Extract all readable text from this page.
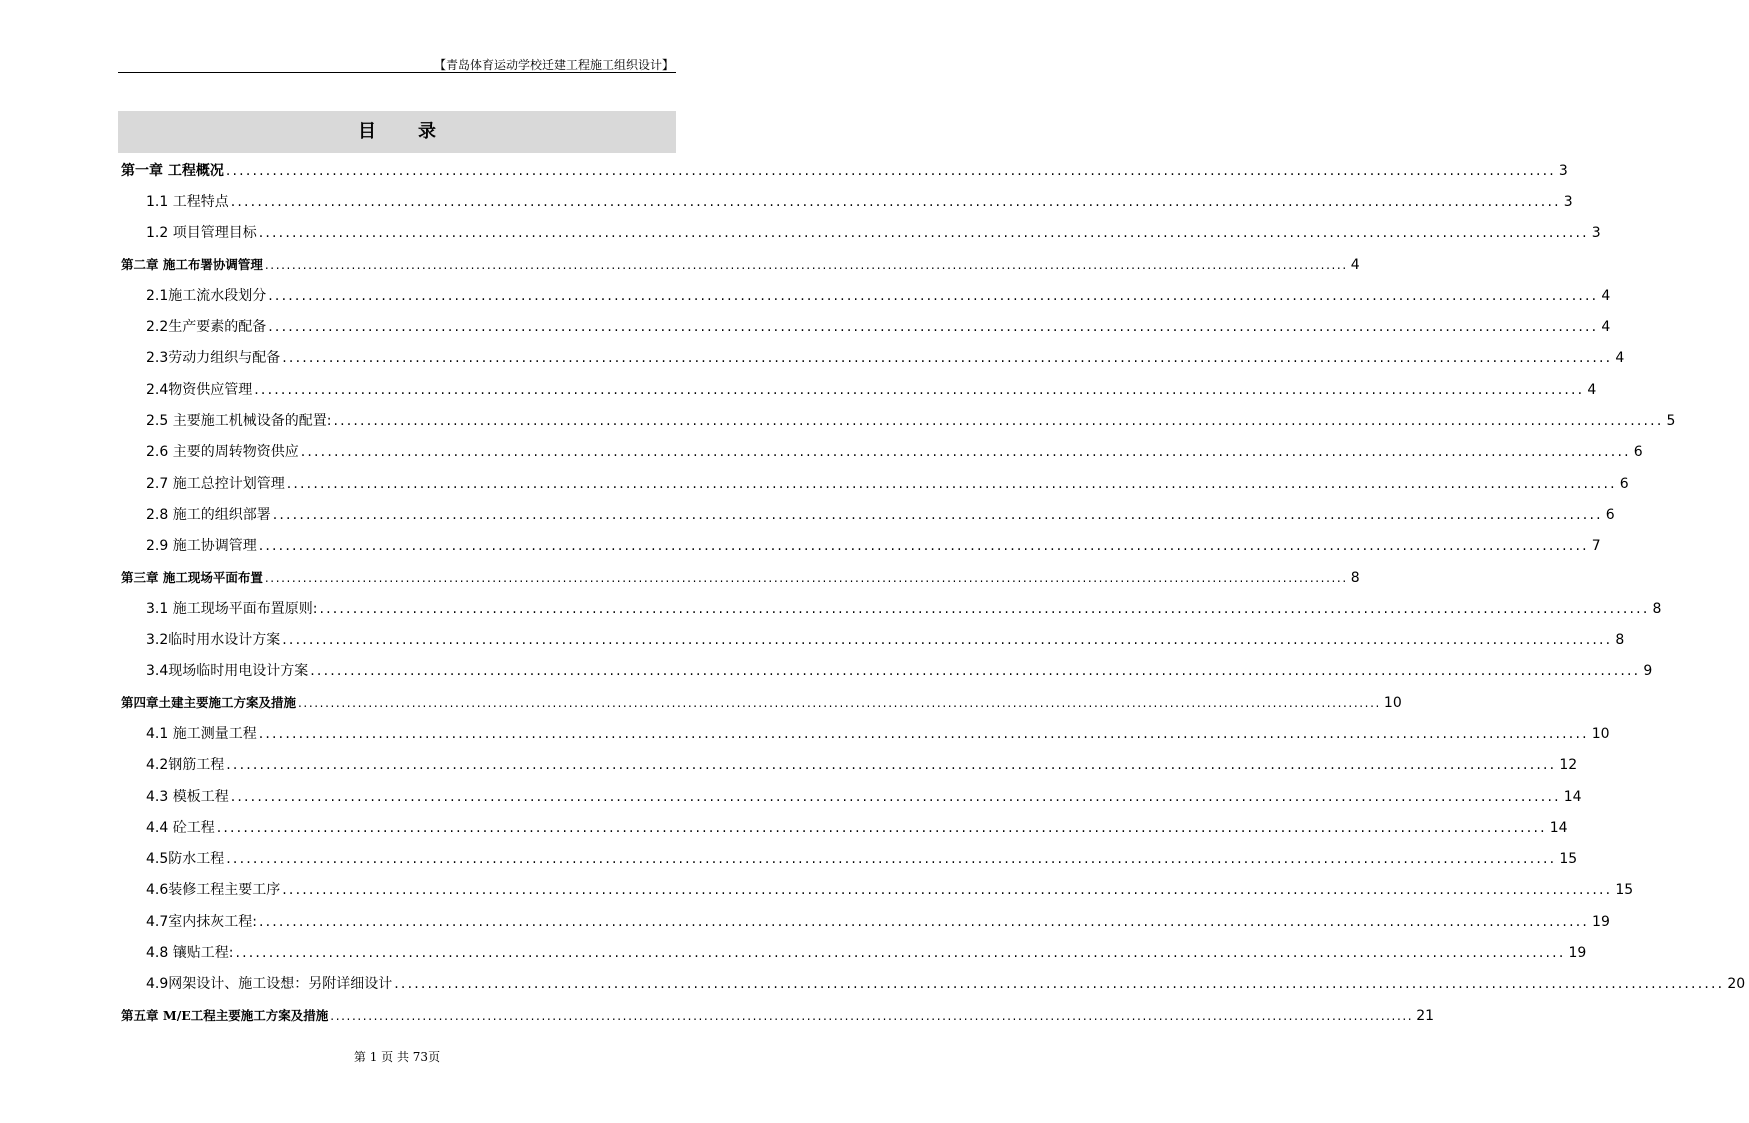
【青岛体育运动学校迁建工程施工组织设计】
目录
第一章 工程概况 ........................................................................................................................................................................................................ 3
1.1 工程特点 ........................................................................................................................................................................................................ 3
1.2 项目管理目标 ........................................................................................................................................................................................................ 3
第二章 施工布署协调管理 ........................................................................................................................................................................................................ 4
2.1施工流水段划分 ........................................................................................................................................................................................................ 4
2.2生产要素的配备 ........................................................................................................................................................................................................ 4
2.3劳动力组织与配备 ........................................................................................................................................................................................................ 4
2.4物资供应管理 ........................................................................................................................................................................................................ 4
2.5 主要施工机械设备的配置: ........................................................................................................................................................................................................ 5
2.6 主要的周转物资供应 ........................................................................................................................................................................................................ 6
2.7 施工总控计划管理 ........................................................................................................................................................................................................ 6
2.8 施工的组织部署 ........................................................................................................................................................................................................ 6
2.9 施工协调管理 ........................................................................................................................................................................................................ 7
第三章 施工现场平面布置 ........................................................................................................................................................................................................ 8
3.1 施工现场平面布置原则: ........................................................................................................................................................................................................ 8
3.2临时用水设计方案 ........................................................................................................................................................................................................ 8
3.4现场临时用电设计方案 ........................................................................................................................................................................................................ 9
第四章土建主要施工方案及措施 ........................................................................................................................................................................................................ 10
4.1 施工测量工程 ........................................................................................................................................................................................................ 10
4.2钢筋工程 ........................................................................................................................................................................................................ 12
4.3 模板工程 ........................................................................................................................................................................................................ 14
4.4 砼工程 ........................................................................................................................................................................................................ 14
4.5防水工程 ........................................................................................................................................................................................................ 15
4.6装修工程主要工序 ........................................................................................................................................................................................................ 15
4.7室内抹灰工程: ........................................................................................................................................................................................................ 19
4.8 镶贴工程: ........................................................................................................................................................................................................ 19
4.9网架设计、施工设想：另附详细设计 ........................................................................................................................................................................................................ 20
第五章 M/E工程主要施工方案及措施 ........................................................................................................................................................................................................ 21
第 1 页 共 73页
